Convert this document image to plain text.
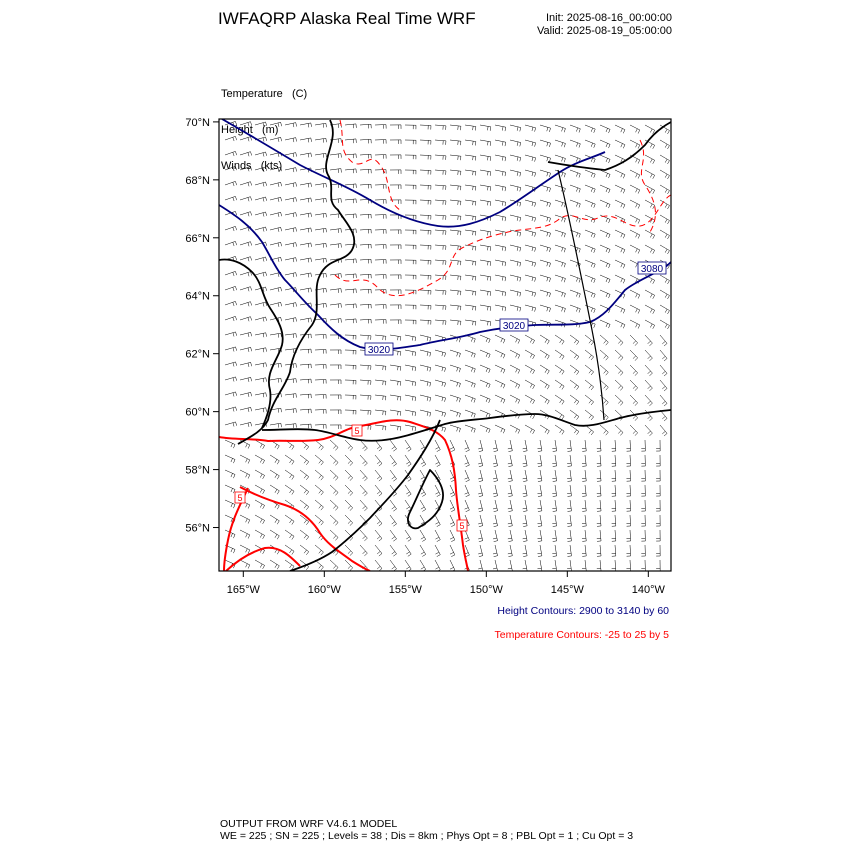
IWFAQRP Alaska Real Time WRF	Init: 2025-08-16_00:00:00
Valid: 2025-08-19_05:00:00

Temperature (C)

Height (m)

Winds (kts)

3080
3020
3020
5
5
5
70°N
68°N
66°N
64°N
62°N
60°N
58°N
56°N
165°W	160°W	155°W	150°W	145°W	140°W
Height Contours: 2900 to 3140 by 60
Temperature Contours: -25 to 25 by 5
OUTPUT FROM WRF V4.6.1 MODEL
WE = 225 ; SN = 225 ; Levels = 38 ; Dis = 8km ; Phys Opt = 8 ; PBL Opt = 1 ; Cu Opt = 3
